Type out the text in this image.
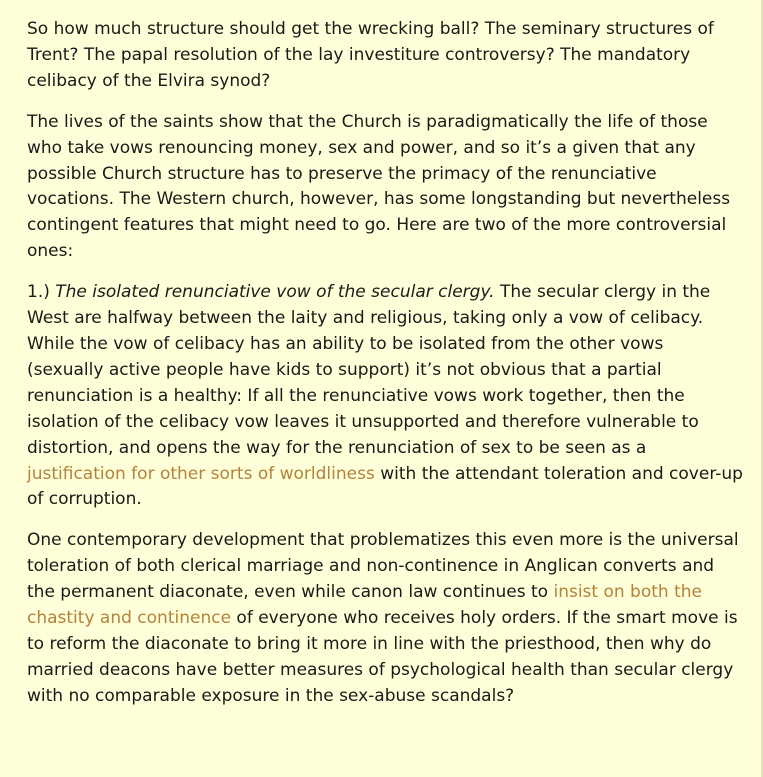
So how much structure should get the wrecking ball? The seminary structures of Trent? The papal resolution of the lay investiture controversy? The mandatory celibacy of the Elvira synod?

The lives of the saints show that the Church is paradigmatically the life of those who take vows renouncing money, sex and power, and so it’s a given that any possible Church structure has to preserve the primacy of the renunciative vocations. The Western church, however, has some longstanding but nevertheless contingent features that might need to go. Here are two of the more controversial ones:

1.) The isolated renunciative vow of the secular clergy. The secular clergy in the West are halfway between the laity and religious, taking only a vow of celibacy. While the vow of celibacy has an ability to be isolated from the other vows (sexually active people have kids to support) it’s not obvious that a partial renunciation is a healthy: If all the renunciative vows work together, then the isolation of the celibacy vow leaves it unsupported and therefore vulnerable to distortion, and opens the way for the renunciation of sex to be seen as a justification for other sorts of worldliness with the attendant toleration and cover-up of corruption.

One contemporary development that problematizes this even more is the universal toleration of both clerical marriage and non-continence in Anglican converts and the permanent diaconate, even while canon law continues to insist on both the chastity and continence of everyone who receives holy orders. If the smart move is to reform the diaconate to bring it more in line with the priesthood, then why do married deacons have better measures of psychological health than secular clergy with no comparable exposure in the sex-abuse scandals?
